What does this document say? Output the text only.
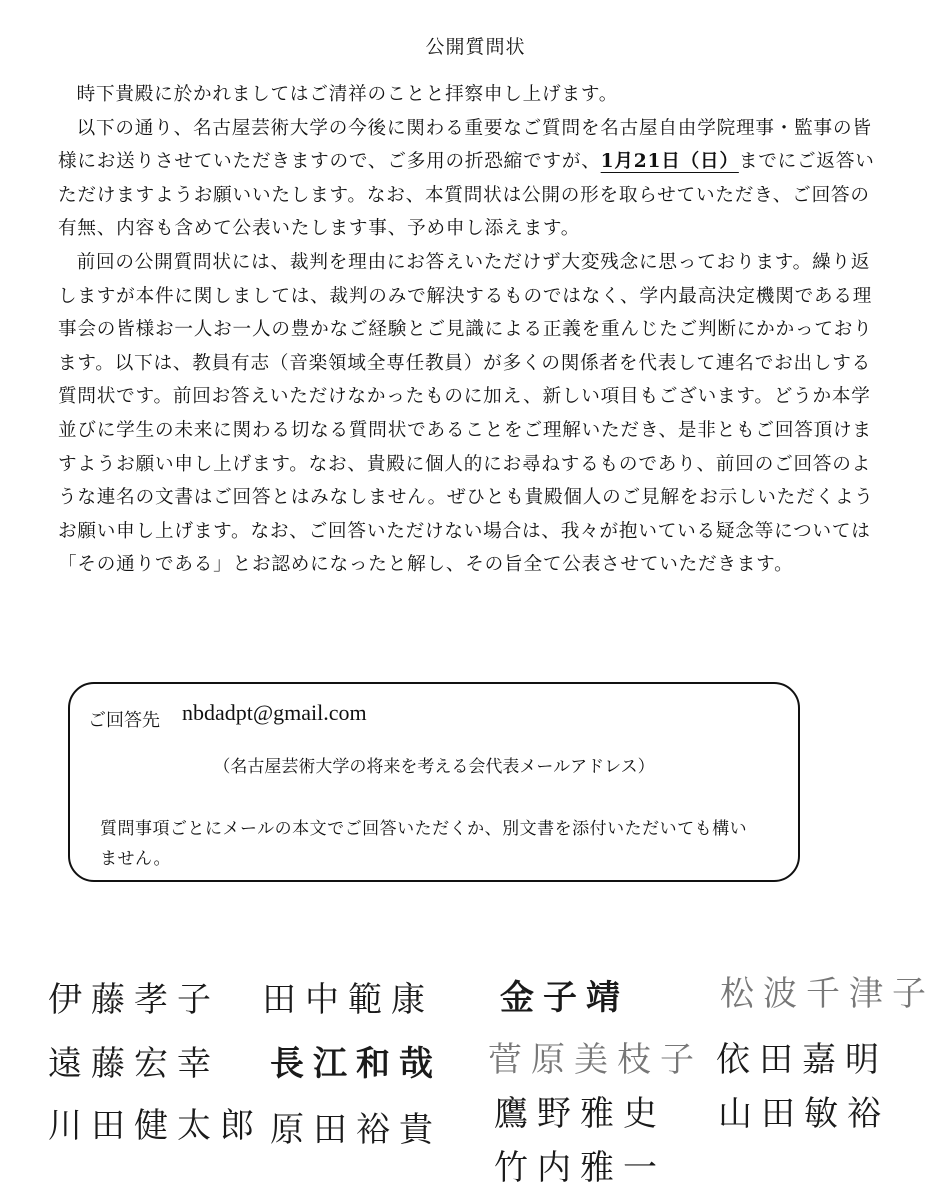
公開質問状

時下貴殿に於かれましてはご清祥のことと拝察申し上げます。

以下の通り、名古屋芸術大学の今後に関わる重要なご質問を名古屋自由学院理事・監事の皆様にお送りさせていただきますので、ご多用の折恐縮ですが、1月21日（日）までにご返答いただけますようお願いいたします。なお、本質問状は公開の形を取らせていただき、ご回答の有無、内容も含めて公表いたします事、予め申し添えます。

前回の公開質問状には、裁判を理由にお答えいただけず大変残念に思っております。繰り返しますが本件に関しましては、裁判のみで解決するものではなく、学内最高決定機関である理事会の皆様お一人お一人の豊かなご経験とご見識による正義を重んじたご判断にかかっております。以下は、教員有志（音楽領域全専任教員）が多くの関係者を代表して連名でお出しする質問状です。前回お答えいただけなかったものに加え、新しい項目もございます。どうか本学並びに学生の未来に関わる切なる質問状であることをご理解いただき、是非ともご回答頂けますようお願い申し上げます。なお、貴殿に個人的にお尋ねするものであり、前回のご回答のような連名の文書はご回答とはみなしません。ぜひとも貴殿個人のご見解をお示しいただくようお願い申し上げます。なお、ご回答いただけない場合は、我々が抱いている疑念等については「その通りである」とお認めになったと解し、その旨全て公表させていただきます。

ご回答先 nbdadpt@gmail.com
（名古屋芸術大学の将来を考える会代表メールアドレス）
質問事項ごとにメールの本文でご回答いただくか、別文書を添付いただいても構いません。
伊藤孝子 田中範康 金子靖	松波千津子
遠藤宏幸 長江和哉 菅原美枝子 依田嘉明
川田健太郎 原田裕貴 鷹野雅史 山田敏裕
竹内雅一
